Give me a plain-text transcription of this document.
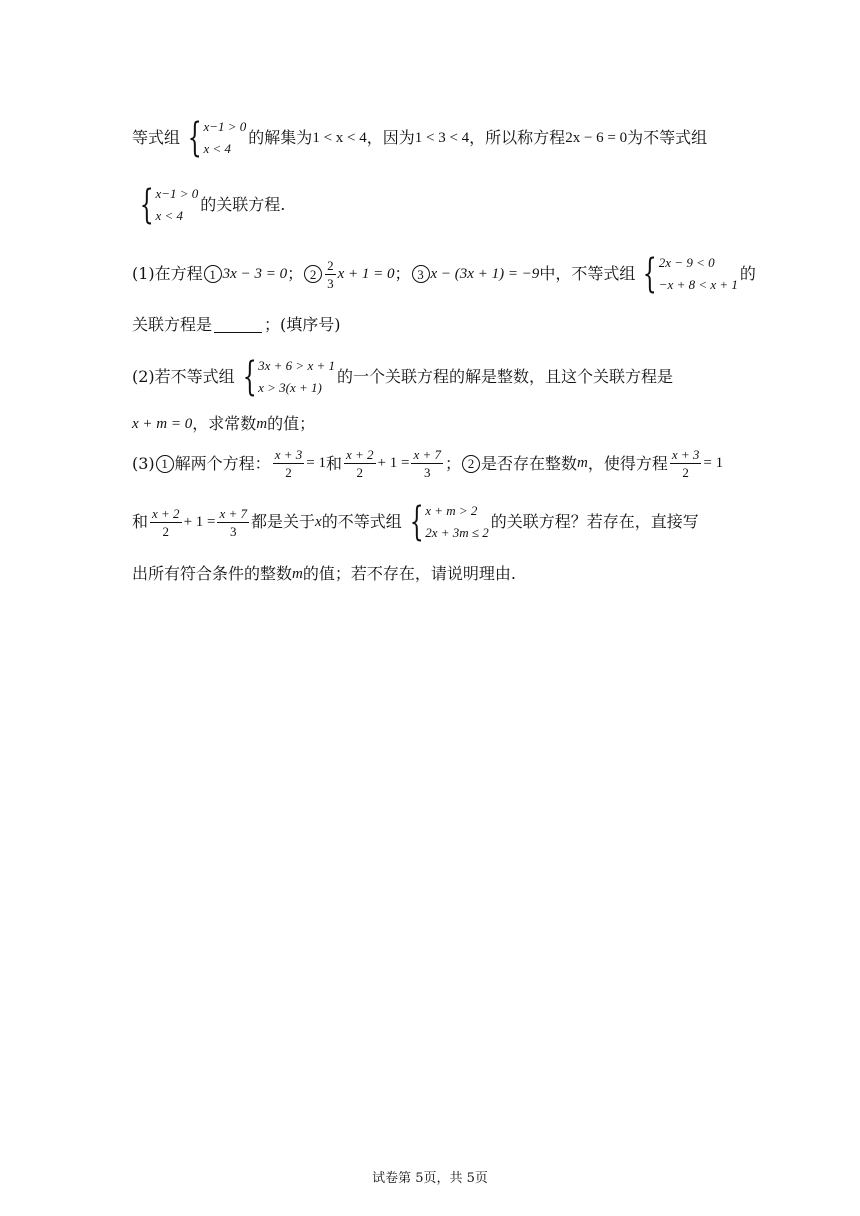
等式组 { x−1 > 0
x < 4
的解集为 1 < x < 4 ，因为 1 < 3 < 4 ，所以称方程 2x − 6 = 0 为不等式组
{ x−1 > 0
x < 4
的关联方程.
(1)在方程 1 3x − 3 = 0 ； $2 \frac{2}{3}$ x + 1 = 0 ； 3 x − (3x + 1) = −9 中，不等式组 { 2x − 9 < 0
−x + 8 < x + 1
的
关联方程是	；(填序号)
(2)若不等式组 { 3x + 6 > x + 1
x > 3(x + 1)
的一个关联方程的解是整数，且这个关联方程是
x + m = 0 ，求常数 m 的值；
(3) 1 解两个方程： $\frac{x + 3}{2} = 1$ 和 $\frac{x + 2}{2} + 1 = \frac{x + 7}{3}$ ； 2 是否存在整数 m ，使得方程 $\frac{x + 3}{2} = 1$
和 $\frac{x + 2}{2} + 1 = \frac{x + 7}{3}$ 都是关于 x 的不等式组 { x + m > 2
2x + 3m ≤ 2
的关联方程？若存在，直接写
出所有符合条件的整数 m 的值；若不存在，请说明理由.
试卷第 5页，共 5页
